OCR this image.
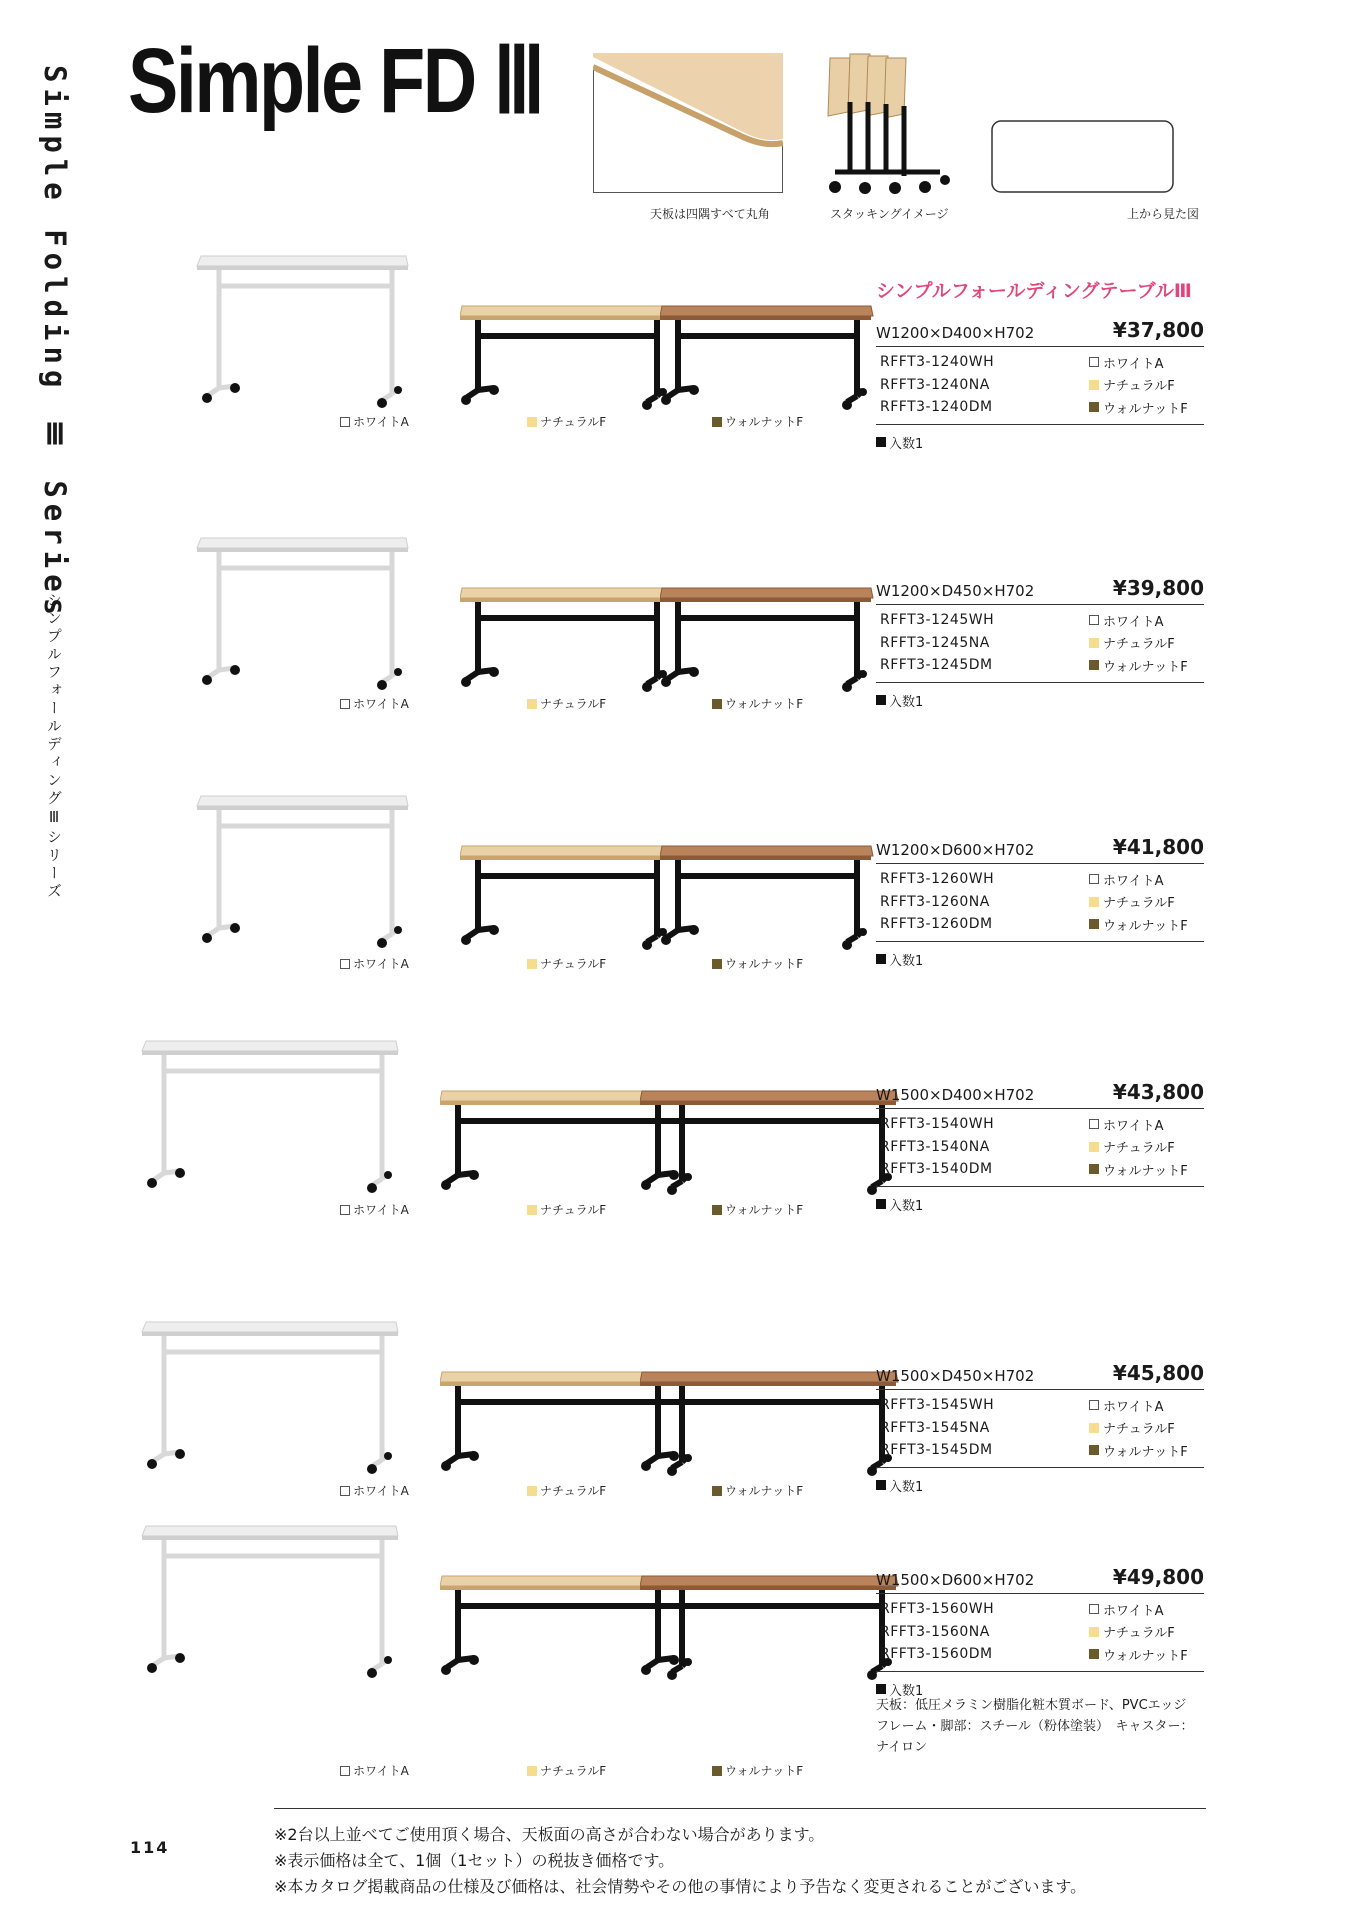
Simple Folding Ⅲ Series
シンプルフォールディングⅢシリーズ
Simple FD Ⅲ
天板は四隅すべて丸角	スタッキングイメージ	上から見た図
シンプルフォールディングテーブルⅢ
ホワイトA	ナチュラルF	ウォルナットF
W1200×D400×H702	¥37,800
RFFT3-1240WH	ホワイトA
RFFT3-1240NA	ナチュラルF
RFFT3-1240DM	ウォルナットF
入数1
ホワイトA	ナチュラルF	ウォルナットF
W1200×D450×H702	¥39,800
RFFT3-1245WH	ホワイトA
RFFT3-1245NA	ナチュラルF
RFFT3-1245DM	ウォルナットF
入数1
ホワイトA	ナチュラルF	ウォルナットF
W1200×D600×H702	¥41,800
RFFT3-1260WH	ホワイトA
RFFT3-1260NA	ナチュラルF
RFFT3-1260DM	ウォルナットF
入数1
ホワイトA	ナチュラルF	ウォルナットF
W1500×D400×H702	¥43,800
RFFT3-1540WH	ホワイトA
RFFT3-1540NA	ナチュラルF
RFFT3-1540DM	ウォルナットF
入数1
ホワイトA	ナチュラルF	ウォルナットF
W1500×D450×H702	¥45,800
RFFT3-1545WH	ホワイトA
RFFT3-1545NA	ナチュラルF
RFFT3-1545DM	ウォルナットF
入数1
ホワイトA	ナチュラルF	ウォルナットF
W1500×D600×H702	¥49,800
RFFT3-1560WH	ホワイトA
RFFT3-1560NA	ナチュラルF
RFFT3-1560DM	ウォルナットF
入数1
天板：低圧メラミン樹脂化粧木質ボード、PVCエッジ　フレーム・脚部：スチール（粉体塗装）　キャスター：ナイロン
114
※2台以上並べてご使用頂く場合、天板面の高さが合わない場合があります。
※表示価格は全て、1個（1セット）の税抜き価格です。
※本カタログ掲載商品の仕様及び価格は、社会情勢やその他の事情により予告なく変更されることがございます。
